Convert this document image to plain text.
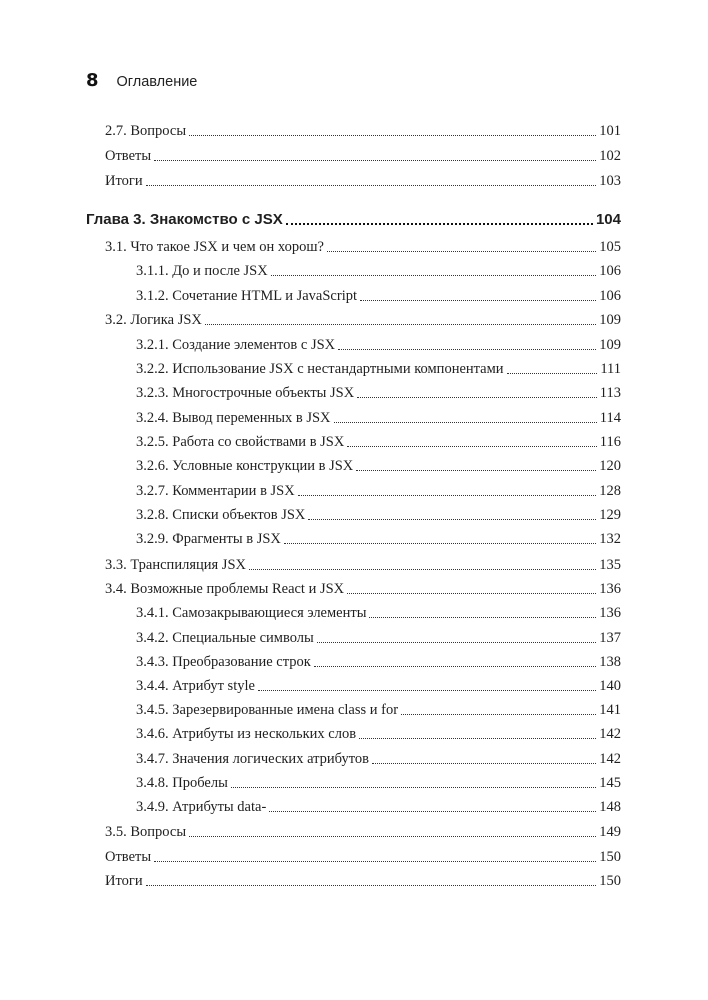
8 Оглавление
2.7. Вопросы	101
Ответы	102
Итоги	103
Глава 3. Знакомство с JSX	104
3.1. Что такое JSX и чем он хорош?	105
3.1.1. До и после JSX	106
3.1.2. Сочетание HTML и JavaScript	106
3.2. Логика JSX	109
3.2.1. Создание элементов с JSX	109
3.2.2. Использование JSX с нестандартными компонентами	111
3.2.3. Многострочные объекты JSX	113
3.2.4. Вывод переменных в JSX	114
3.2.5. Работа со свойствами в JSX	116
3.2.6. Условные конструкции в JSX	120
3.2.7. Комментарии в JSX	128
3.2.8. Списки объектов JSX	129
3.2.9. Фрагменты в JSX	132
3.3. Транспиляция JSX	135
3.4. Возможные проблемы React и JSX	136
3.4.1. Самозакрывающиеся элементы	136
3.4.2. Специальные символы	137
3.4.3. Преобразование строк	138
3.4.4. Атрибут style	140
3.4.5. Зарезервированные имена class и for	141
3.4.6. Атрибуты из нескольких слов	142
3.4.7. Значения логических атрибутов	142
3.4.8. Пробелы	145
3.4.9. Атрибуты data-	148
3.5. Вопросы	149
Ответы	150
Итоги	150
